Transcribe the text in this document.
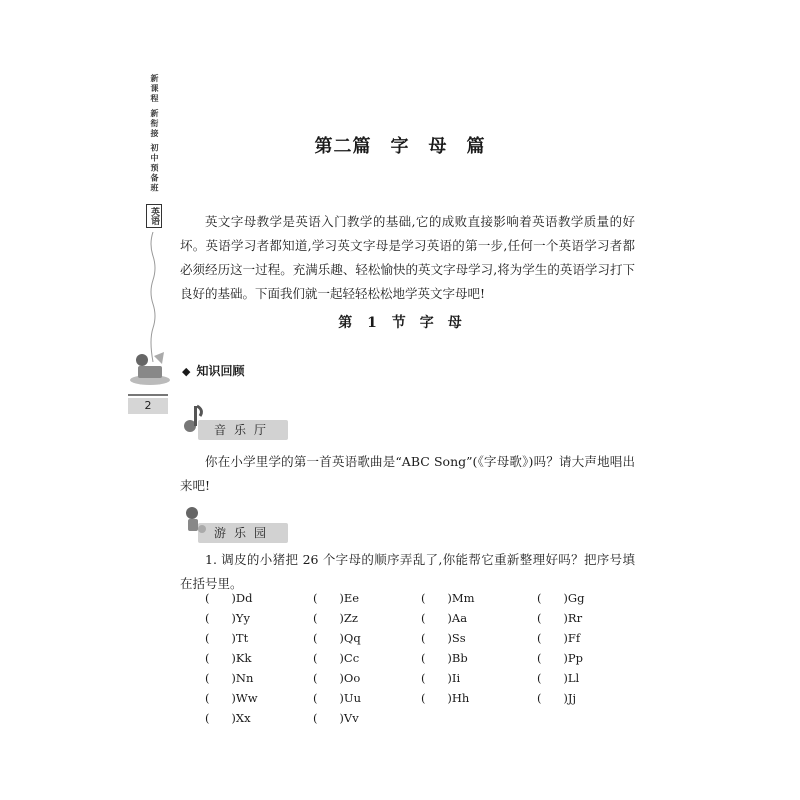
新课程 新衔接 初中预备班 英语
2
第二篇　字　母　篇

英文字母教学是英语入门教学的基础,它的成败直接影响着英语教学质量的好坏。英语学习者都知道,学习英文字母是学习英语的第一步,任何一个英语学习者都必须经历这一过程。充满乐趣、轻松愉快的英文字母学习,将为学生的英语学习打下良好的基础。下面我们就一起轻轻松松地学英文字母吧!

第 1 节　字　母
◆ 知识回顾
音乐厅

你在小学里学的第一首英语歌曲是“ABC Song”(《字母歌》)吗？请大声地唱出来吧!

游乐园

1. 调皮的小猪把 26 个字母的顺序弄乱了,你能帮它重新整理好吗？把序号填在括号里。

(      )Dd	(      )Ee	(      )Mm	(      )Gg
(      )Yy	(      )Zz	(      )Aa	(      )Rr
(      )Tt	(      )Qq	(      )Ss	(      )Ff
(      )Kk	(      )Cc	(      )Bb	(      )Pp
(      )Nn	(      )Oo	(      )Ii	(      )Ll
(      )Ww	(      )Uu	(      )Hh	(      )Jj
(      )Xx	(      )Vv
